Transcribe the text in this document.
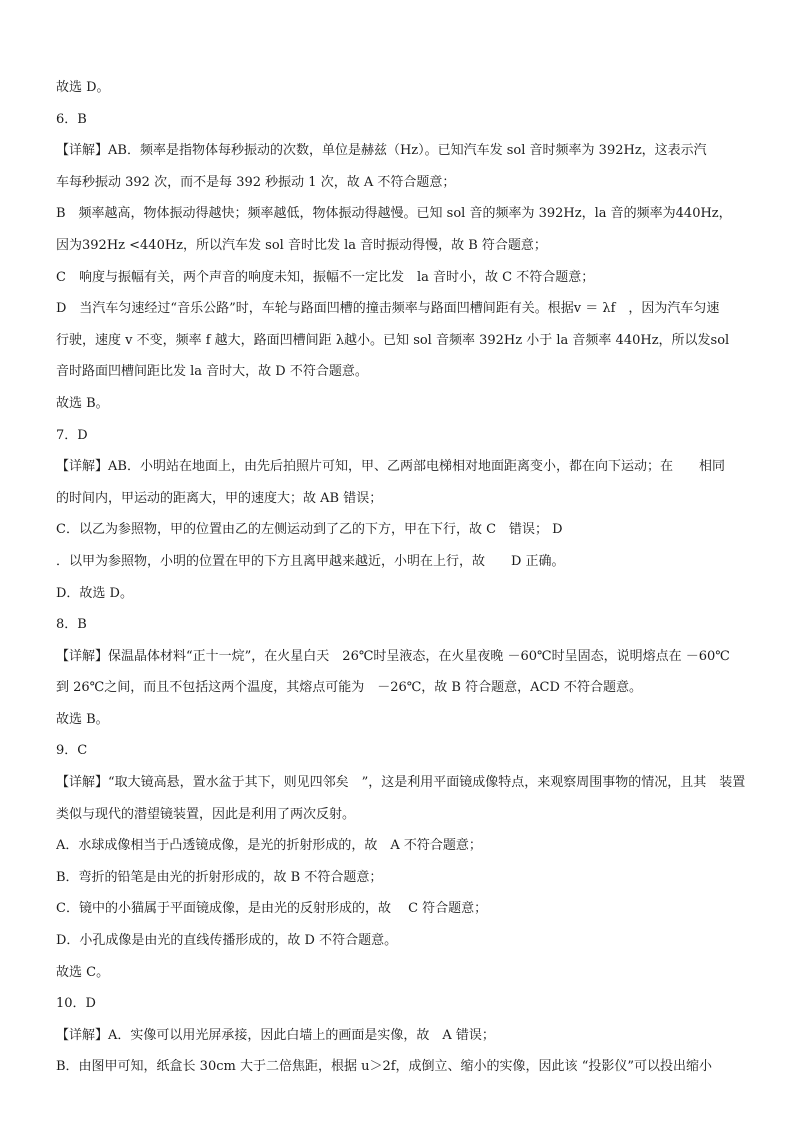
故选 D。
6．B
【详解】AB．频率是指物体每秒振动的次数，单位是赫兹（Hz）。已知汽车发 sol 音时频率为 392Hz，这表示汽
车每秒振动 392 次，而不是每 392 秒振动 1 次，故 A 不符合题意；
B　频率越高，物体振动得越快；频率越低，物体振动得越慢。已知 sol 音的频率为 392Hz，la 音的频率为440Hz，
因为392Hz <440Hz，所以汽车发 sol 音时比发 la 音时振动得慢，故 B 符合题意；
C　响度与振幅有关，两个声音的响度未知，振幅不一定比发　la 音时小，故 C 不符合题意；
D　当汽车匀速经过“音乐公路”时，车轮与路面凹槽的撞击频率与路面凹槽间距有关。根据v ＝ λf　，因为汽车匀速
行驶，速度 v 不变，频率 f 越大，路面凹槽间距 λ越小。已知 sol 音频率 392Hz 小于 la 音频率 440Hz，所以发sol
音时路面凹槽间距比发 la 音时大，故 D 不符合题意。
故选 B。
7．D
【详解】AB．小明站在地面上，由先后拍照片可知，甲、乙两部电梯相对地面距离变小，都在向下运动；在　　相同
的时间内，甲运动的距离大，甲的速度大；故 AB 错误；
C．以乙为参照物，甲的位置由乙的左侧运动到了乙的下方，甲在下行，故 C　错误； D
．以甲为参照物，小明的位置在甲的下方且离甲越来越近，小明在上行，故　　D 正确。
D．故选 D。
8．B
【详解】保温晶体材料“正十一烷”，在火星白天　26℃时呈液态，在火星夜晚 －60℃时呈固态，说明熔点在 －60℃
到 26℃之间，而且不包括这两个温度，其熔点可能为　－26℃，故 B 符合题意，ACD 不符合题意。
故选 B。
9．C
【详解】“取大镜高悬，置水盆于其下，则见四邻矣　”，这是利用平面镜成像特点，来观察周围事物的情况，且其　装置
类似与现代的潜望镜装置，因此是利用了两次反射。
A．水球成像相当于凸透镜成像，是光的折射形成的，故　A 不符合题意；
B．弯折的铅笔是由光的折射形成的，故 B 不符合题意；
C．镜中的小猫属于平面镜成像，是由光的反射形成的，故　 C 符合题意；
D．小孔成像是由光的直线传播形成的，故 D 不符合题意。
故选 C。
10．D
【详解】A．实像可以用光屏承接，因此白墙上的画面是实像，故　A 错误；
B．由图甲可知，纸盒长 30cm 大于二倍焦距，根据 u＞2f，成倒立、缩小的实像，因此该 “投影仪”可以投出缩小
